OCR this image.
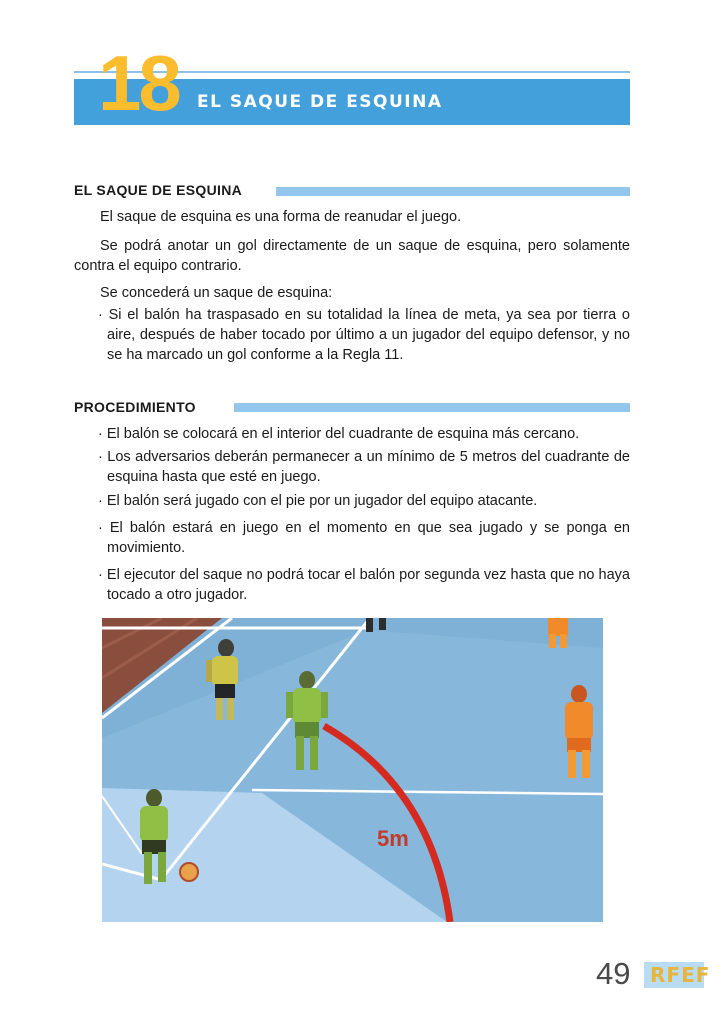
18 EL SAQUE DE ESQUINA
EL SAQUE DE ESQUINA
El saque de esquina es una forma de reanudar el juego.
Se podrá anotar un gol directamente de un saque de esquina, pero solamente contra el equipo contrario.
Se concederá un saque de esquina:
· Si el balón ha traspasado en su totalidad la línea de meta, ya sea por tierra o aire, después de haber tocado por último a un jugador del equipo defensor, y no se ha marcado un gol conforme a la Regla 11.
PROCEDIMIENTO
· El balón se colocará en el interior del cuadrante de esquina más cercano.
· Los adversarios deberán permanecer a un mínimo de 5 metros del cuadrante de esquina hasta que esté en juego.
· El balón será jugado con el pie por un jugador del equipo atacante.
· El balón estará en juego en el momento en que sea jugado y se ponga en movimiento.
· El ejecutor del saque no podrá tocar el balón por segunda vez hasta que no haya tocado a otro jugador.
5m
49 RFEF
